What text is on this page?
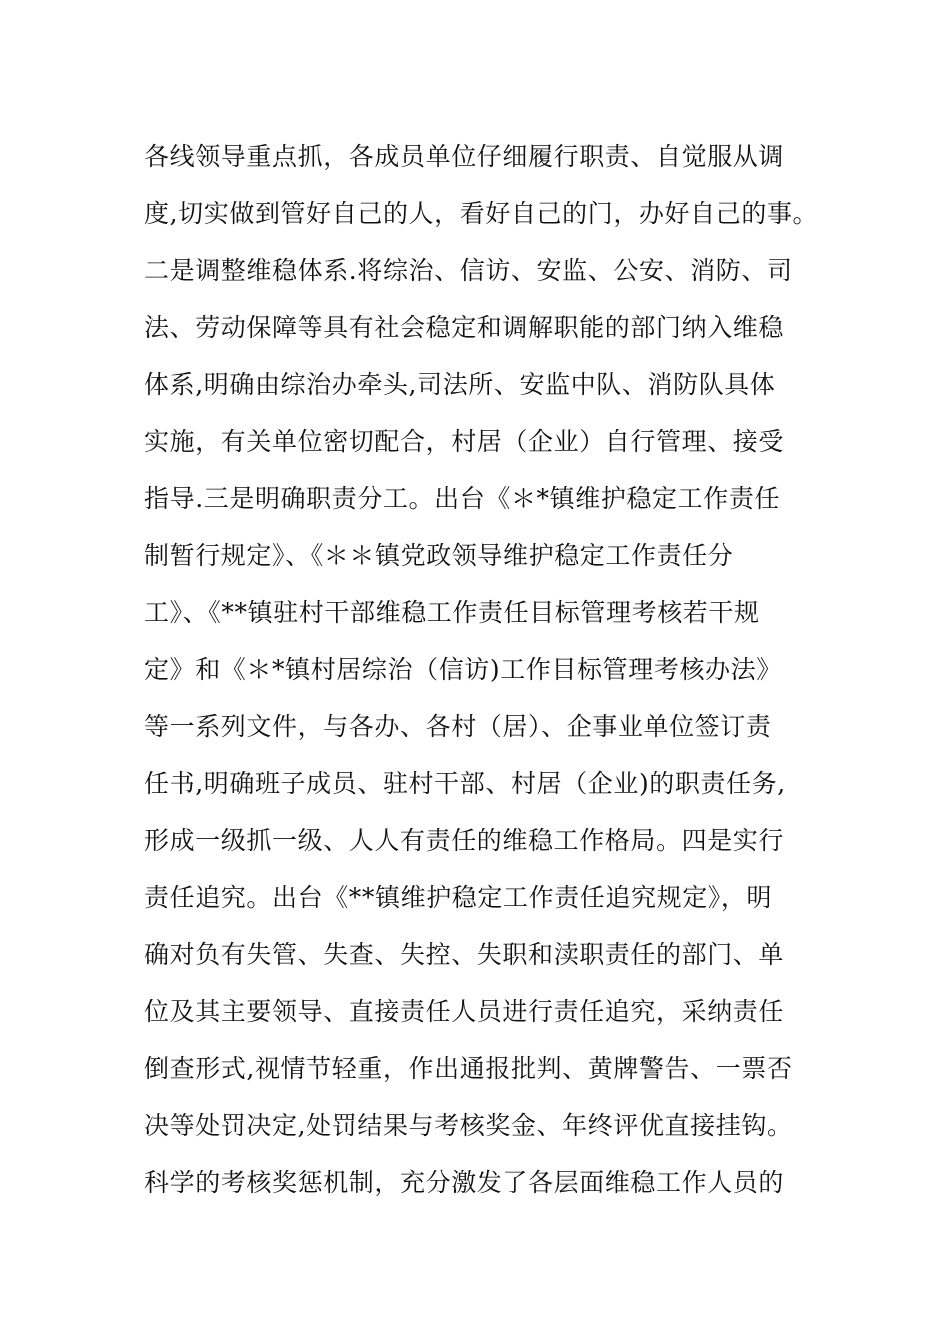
各线领导重点抓，各成员单位仔细履行职责、自觉服从调
度,切实做到管好自己的人，看好自己的门，办好自己的事。
二是调整维稳体系.将综治、信访、安监、公安、消防、司
法、劳动保障等具有社会稳定和调解职能的部门纳入维稳
体系,明确由综治办牵头,司法所、安监中队、消防队具体
实施，有关单位密切配合，村居（企业）自行管理、接受
指导.三是明确职责分工。出台《＊*镇维护稳定工作责任
制暂行规定》、《＊＊镇党政领导维护稳定工作责任分
工》、《**镇驻村干部维稳工作责任目标管理考核若干规
定》和《＊*镇村居综治（信访)工作目标管理考核办法》
等一系列文件，与各办、各村（居）、企事业单位签订责
任书,明确班子成员、驻村干部、村居（企业)的职责任务,
形成一级抓一级、人人有责任的维稳工作格局。四是实行
责任追究。出台《**镇维护稳定工作责任追究规定》，明
确对负有失管、失查、失控、失职和渎职责任的部门、单
位及其主要领导、直接责任人员进行责任追究，采纳责任
倒查形式,视情节轻重，作出通报批判、黄牌警告、一票否
决等处罚决定,处罚结果与考核奖金、年终评优直接挂钩。
科学的考核奖惩机制，充分激发了各层面维稳工作人员的
